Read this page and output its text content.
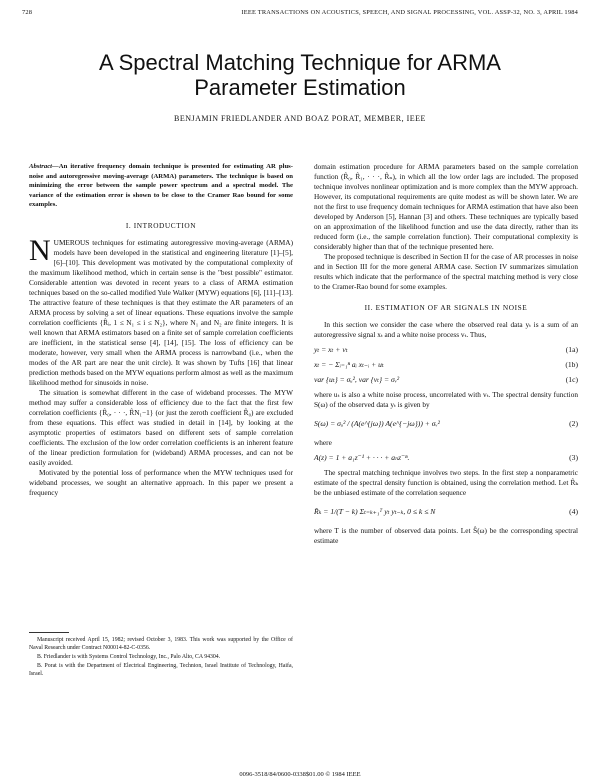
728	IEEE TRANSACTIONS ON ACOUSTICS, SPEECH, AND SIGNAL PROCESSING, VOL. ASSP-32, NO. 3, APRIL 1984
A Spectral Matching Technique for ARMA
Parameter Estimation
BENJAMIN FRIEDLANDER AND BOAZ PORAT, MEMBER, IEEE

Abstract—An iterative frequency domain technique is presented for estimating AR plus-noise and autoregressive moving-average (ARMA) parameters. The technique is based on minimizing the error between the sample power spectrum and a spectral model. The variance of the estimation error is shown to be close to the Cramer Rao bound for some examples.

I. INTRODUCTION

NUMEROUS techniques for estimating autoregressive moving-average (ARMA) models have been developed in the statistical and engineering literature [1]–[5], [6]–[10]. This development was motivated by the computational complexity of the maximum likelihood method, which in certain sense is the "best possible" estimator. Considerable attention was devoted in recent years to a class of ARMA estimation techniques based on the so-called modified Yule Walker (MYW) equations [6], [11]–[13]. The attractive feature of these techniques is that they estimate the AR parameters of an ARMA process by solving a set of linear equations. These equations involve the sample correlation coefficients {R̂ᵢ, 1 ≤ N₁ ≤ i ≤ N₂}, where N₁ and N₂ are finite integers. It is well known that ARMA estimators based on a finite set of sample correlation coefficients are inefficient, in the statistical sense [4], [14], [15]. The loss of efficiency can be moderate, however, very small when the ARMA process is narrowband (i.e., when the modes of the AR part are near the unit circle). It was shown by Tufts [16] that linear prediction methods based on the MYW equations perform almost as well as the maximum likelihood method for sinusoids in noise.

The situation is somewhat different in the case of wideband processes. The MYW method may suffer a considerable loss of efficiency due to the fact that the first few correlation coefficients {R̂₀, · · ·, R̂N₁−1} (or just the zeroth coefficient R̂₀) are excluded from these equations. This effect was studied in detail in [14], by looking at the asymptotic properties of estimators based on different sets of sample correlation coefficients. The exclusion of the low order correlation coefficients is an inherent feature of the linear prediction formulation for (wideband) ARMA processes, and can not be easily avoided.

Motivated by the potential loss of performance when the MYW techniques used for wideband processes, we sought an alternative approach. In this paper we present a frequency

Manuscript received April 15, 1982; revised October 3, 1983. This work was supported by the Office of Naval Research under Contract N00014-82-C-0356.

B. Friedlander is with Systems Control Technology, Inc., Palo Alto, CA 94304.

B. Porat is with the Department of Electrical Engineering, Technion, Israel Institute of Technology, Haifa, Israel.

domain estimation procedure for ARMA parameters based on the sample correlation function (R̂₀, R̂₁, · · ·, R̂ₙ), in which all the low order lags are included. The proposed technique involves nonlinear optimization and is more complex than the MYW approach. However, its computational requirements are quite modest as will be shown later. We are not the first to use frequency domain techniques for ARMA estimation that have also been developed by Anderson [5], Hannan [3] and others. These techniques are typically based on an approximation of the likelihood function and use the data directly, rather than its reduced form (i.e., the sample correlation function). Their computational complexity is considerably higher than that of the technique presented here.

The proposed technique is described in Section II for the case of AR processes in noise and in Section III for the more general ARMA case. Section IV summarizes simulation results which indicate that the performance of the spectral matching method is very close to the Cramer-Rao bound for some examples.

II. ESTIMATION OF AR SIGNALS IN NOISE

In this section we consider the case where the observed real data yₜ is a sum of an autoregressive signal xₜ and a white noise process vₜ. Thus,

yₜ = xₜ + vₜ	(1a)
xₜ = − Σᵢ₌₁ⁿ aᵢ xₜ₋ᵢ + uₜ	(1b)
var {uₜ} = σᵤ², var {vₜ} = σᵥ²	(1c)

where uₜ is also a white noise process, uncorrelated with vₜ. The spectral density function S(ω) of the observed data yₜ is given by

S(ω) = σᵤ² / (A(e^{jω}) A(e^{−jω})) + σᵥ²	(2)

where

A(z) = 1 + a₁z⁻¹ + · · · + aₙz⁻ⁿ.	(3)

The spectral matching technique involves two steps. In the first step a nonparametric estimate of the spectral density function is obtained, using the correlation method. Let R̂ₖ be the unbiased estimate of the correlation sequence

R̂ₖ = 1/(T − k) Σₜ₌ₖ₊₁ᵀ yₜ yₜ₋ₖ, 0 ≤ k ≤ N	(4)

where T is the number of observed data points. Let Ŝ(ω) be the corresponding spectral estimate

0096-3518/84/0600-0338$01.00 © 1984 IEEE
